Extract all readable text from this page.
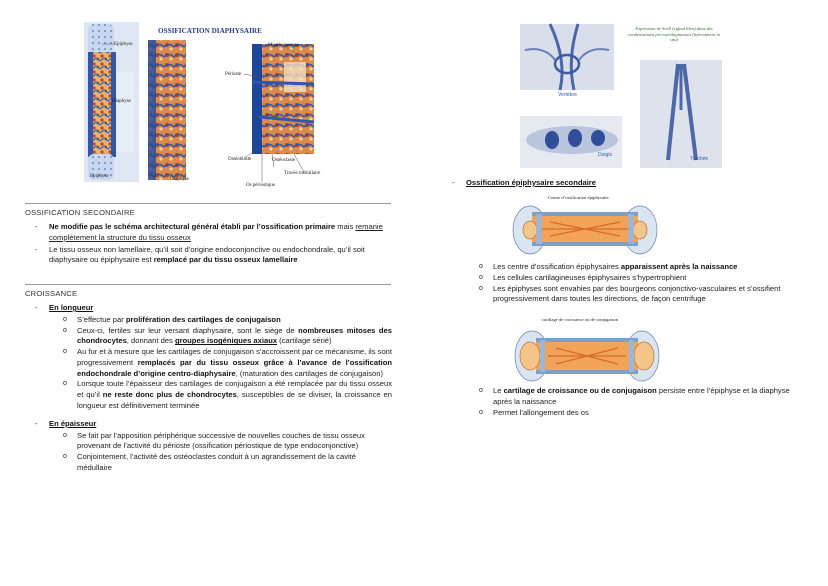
OSSIFICATION DIAPHYSAIRE
Epiphyse
Diaphyse
Epiphyse
Diaphyse
Moelle osseuse
Périoste
Ostéoblaste	Ostéoclaste
Travée médullaire
Os périostique
OSSIFICATION SECONDAIRE
- Ne modifie pas le schéma architectural général établi par l’ossification primaire mais remanie complètement la structure du tissu osseux
- Le tissu osseux non lamellaire, qu’il soit d’origine endoconjonctive ou endochondrale, qu’il soit diaphysaire ou épiphysaire est remplacé par du tissu osseux lamellaire
CROISSANCE
- En longueur
o S’effectue par prolifération des cartilages de conjugaison
o Ceux-ci, fertiles sur leur versant diaphysaire, sont le siège de nombreuses mitoses des chondrocytes, donnant des groupes isogéniques axiaux (cartilage sérié)
o Au fur et à mesure que les cartilages de conjugaison s’accroissent par ce mécanisme, ils sont progressivement remplacés par du tissu osseux grâce à l’avance de l’ossification endochondrale d’origine centro-diaphysaire, (maturation des cartilages de conjugaison)
o Lorsque toute l’épaisseur des cartilages de conjugaison a été remplacée par du tissu osseux et qu’il ne reste donc plus de chondrocytes, susceptibles de se diviser, la croissance en longueur est définitivement terminée
- En épaisseur
o Se fait par l’apposition périphérique successive de nouvelles couches de tissu osseux provenant de l’activité du périoste (ossification périostique de type endoconjonctive)
o Conjointement, l’activité des ostéoclastes conduit à un agrandissement de la cavité médullaire
Expression de Sox9 (signal bleu) dans des condensations pré-cartilagineuses (hybridation in situ)
Vertèbre
Doigts
Trachée
- Ossification épiphysaire secondaire
Centre d’ossification épiphysaire
o Les centre d’ossification épiphysaires apparaissent après la naissance
o Les cellules cartilagineuses épiphysaires s’hypertrophient
o Les épiphyses sont envahies par des bourgeons conjonctivo-vasculaires et s’ossifient progressivement dans toutes les directions, de façon centrifuge
cartilage de croissance ou de conjugaison
o Le cartilage de croissance ou de conjugaison persiste entre l’épiphyse et la diaphyse après la naissance
o Permet l’allongement des os
